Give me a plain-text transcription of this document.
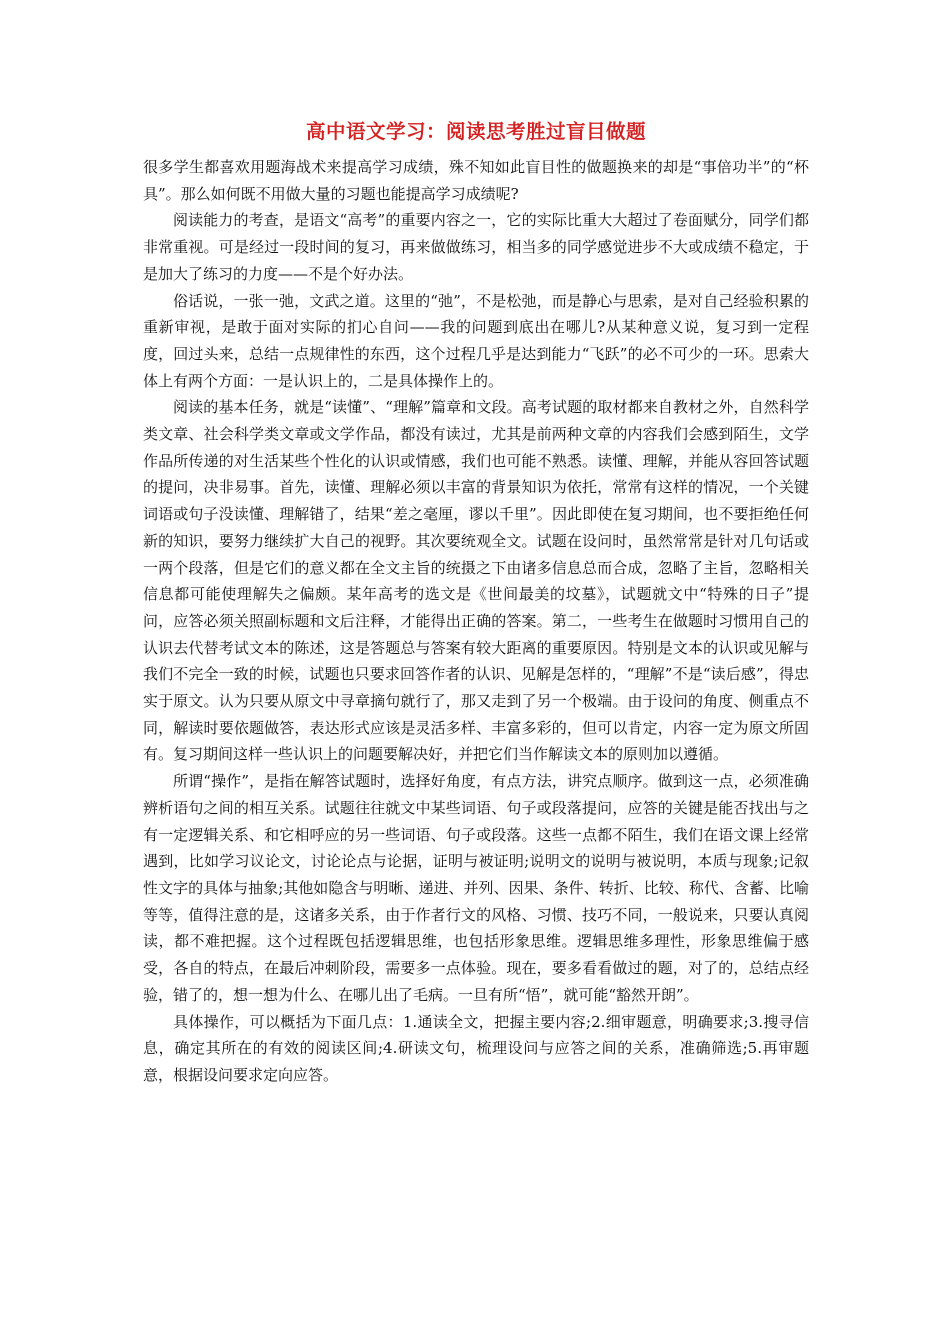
高中语文学习：阅读思考胜过盲目做题

很多学生都喜欢用题海战术来提高学习成绩，殊不知如此盲目性的做题换来的却是“事倍功半”的“杯具”。那么如何既不用做大量的习题也能提高学习成绩呢?

阅读能力的考查，是语文“高考”的重要内容之一，它的实际比重大大超过了卷面赋分，同学们都非常重视。可是经过一段时间的复习，再来做做练习，相当多的同学感觉进步不大或成绩不稳定，于是加大了练习的力度——不是个好办法。

俗话说，一张一弛，文武之道。这里的“弛”，不是松弛，而是静心与思索，是对自己经验积累的重新审视，是敢于面对实际的扪心自问——我的问题到底出在哪儿?从某种意义说，复习到一定程度，回过头来，总结一点规律性的东西，这个过程几乎是达到能力“飞跃”的必不可少的一环。思索大体上有两个方面：一是认识上的，二是具体操作上的。

阅读的基本任务，就是“读懂”、“理解”篇章和文段。高考试题的取材都来自教材之外，自然科学类文章、社会科学类文章或文学作品，都没有读过，尤其是前两种文章的内容我们会感到陌生，文学作品所传递的对生活某些个性化的认识或情感，我们也可能不熟悉。读懂、理解，并能从容回答试题的提问，决非易事。首先，读懂、理解必须以丰富的背景知识为依托，常常有这样的情况，一个关键词语或句子没读懂、理解错了，结果“差之毫厘，谬以千里”。因此即使在复习期间，也不要拒绝任何新的知识，要努力继续扩大自己的视野。其次要统观全文。试题在设问时，虽然常常是针对几句话或一两个段落，但是它们的意义都在全文主旨的统摄之下由诸多信息总而合成，忽略了主旨，忽略相关信息都可能使理解失之偏颇。某年高考的选文是《世间最美的坟墓》，试题就文中“特殊的日子”提问，应答必须关照副标题和文后注释，才能得出正确的答案。第二，一些考生在做题时习惯用自己的认识去代替考试文本的陈述，这是答题总与答案有较大距离的重要原因。特别是文本的认识或见解与我们不完全一致的时候，试题也只要求回答作者的认识、见解是怎样的，“理解”不是“读后感”，得忠实于原文。认为只要从原文中寻章摘句就行了，那又走到了另一个极端。由于设问的角度、侧重点不同，解读时要依题做答，表达形式应该是灵活多样、丰富多彩的，但可以肯定，内容一定为原文所固有。复习期间这样一些认识上的问题要解决好，并把它们当作解读文本的原则加以遵循。

所谓“操作”，是指在解答试题时，选择好角度，有点方法，讲究点顺序。做到这一点，必须准确辨析语句之间的相互关系。试题往往就文中某些词语、句子或段落提问，应答的关键是能否找出与之有一定逻辑关系、和它相呼应的另一些词语、句子或段落。这些一点都不陌生，我们在语文课上经常遇到，比如学习议论文，讨论论点与论据，证明与被证明;说明文的说明与被说明，本质与现象;记叙性文字的具体与抽象;其他如隐含与明晰、递进、并列、因果、条件、转折、比较、称代、含蓄、比喻等等，值得注意的是，这诸多关系，由于作者行文的风格、习惯、技巧不同，一般说来，只要认真阅读，都不难把握。这个过程既包括逻辑思维，也包括形象思维。逻辑思维多理性，形象思维偏于感受，各自的特点，在最后冲刺阶段，需要多一点体验。现在，要多看看做过的题，对了的，总结点经验，错了的，想一想为什么、在哪儿出了毛病。一旦有所“悟”，就可能“豁然开朗”。

具体操作，可以概括为下面几点：1.通读全文，把握主要内容;2.细审题意，明确要求;3.搜寻信息，确定其所在的有效的阅读区间;4.研读文句，梳理设问与应答之间的关系，准确筛选;5.再审题意，根据设问要求定向应答。
